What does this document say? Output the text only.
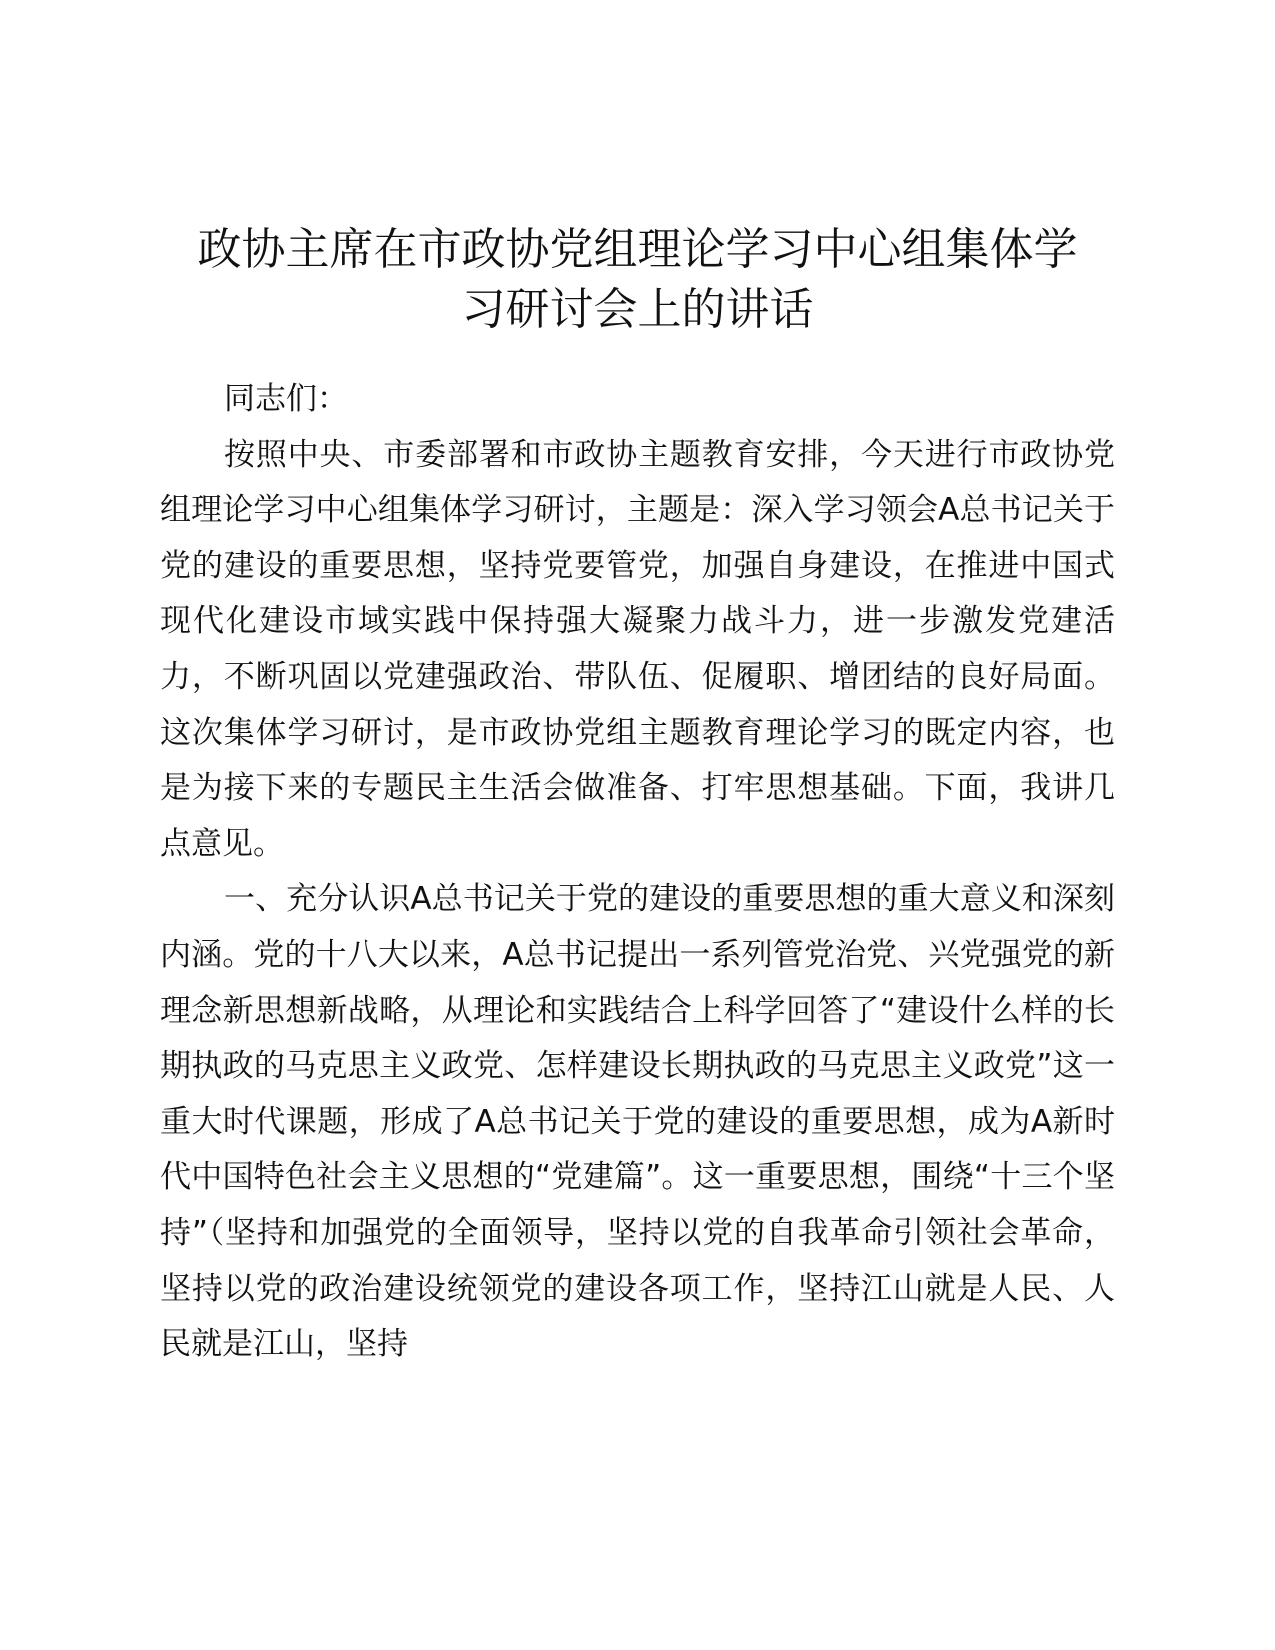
政协主席在市政协党组理论学习中心组集体学
习研讨会上的讲话

同志们：

按照中央、市委部署和市政协主题教育安排，今天进行市政协党组理论学习中心组集体学习研讨，主题是：深入学习领会A总书记关于党的建设的重要思想，坚持党要管党，加强自身建设，在推进中国式现代化建设市域实践中保持强大凝聚力战斗力，进一步激发党建活力，不断巩固以党建强政治、带队伍、促履职、增团结的良好局面。这次集体学习研讨，是市政协党组主题教育理论学习的既定内容，也是为接下来的专题民主生活会做准备、打牢思想基础。下面，我讲几点意见。

一、充分认识A总书记关于党的建设的重要思想的重大意义和深刻内涵。党的十八大以来，A总书记提出一系列管党治党、兴党强党的新理念新思想新战略，从理论和实践结合上科学回答了“建设什么样的长期执政的马克思主义政党、怎样建设长期执政的马克思主义政党”这一重大时代课题，形成了A总书记关于党的建设的重要思想，成为A新时代中国特色社会主义思想的“党建篇”。这一重要思想，围绕“十三个坚持”（坚持和加强党的全面领导，坚持以党的自我革命引领社会革命，坚持以党的政治建设统领党的建设各项工作，坚持江山就是人民、人民就是江山，坚持
